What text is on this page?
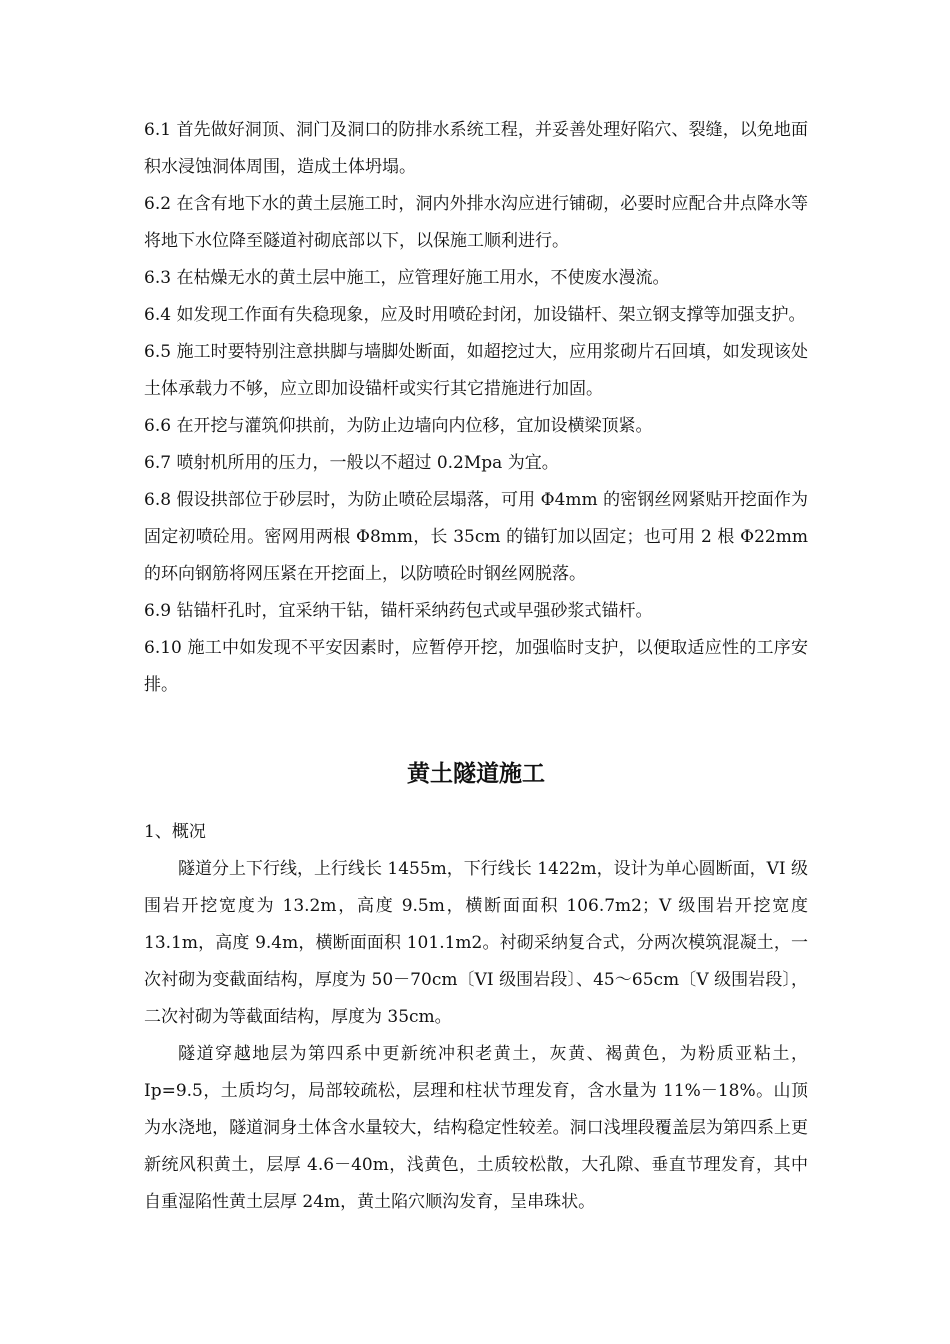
6.1 首先做好洞顶、洞门及洞口的防排水系统工程，并妥善处理好陷穴、裂缝，以免地面积水浸蚀洞体周围，造成土体坍塌。

6.2 在含有地下水的黄土层施工时，洞内外排水沟应进行铺砌，必要时应配合井点降水等将地下水位降至隧道衬砌底部以下，以保施工顺利进行。

6.3 在枯燥无水的黄土层中施工，应管理好施工用水，不使废水漫流。

6.4 如发现工作面有失稳现象，应及时用喷砼封闭，加设锚杆、架立钢支撑等加强支护。

6.5 施工时要特别注意拱脚与墙脚处断面，如超挖过大，应用浆砌片石回填，如发现该处土体承载力不够，应立即加设锚杆或实行其它措施进行加固。

6.6 在开挖与灌筑仰拱前，为防止边墙向内位移，宜加设横梁顶紧。

6.7 喷射机所用的压力，一般以不超过 0.2Mpa 为宜。

6.8 假设拱部位于砂层时，为防止喷砼层塌落，可用 Φ4mm 的密钢丝网紧贴开挖面作为固定初喷砼用。密网用两根 Φ8mm，长 35cm 的锚钉加以固定；也可用 2 根 Φ22mm 的环向钢筋将网压紧在开挖面上，以防喷砼时钢丝网脱落。

6.9 钻锚杆孔时，宜采纳干钻，锚杆采纳药包式或早强砂浆式锚杆。

6.10 施工中如发现不平安因素时，应暂停开挖，加强临时支护，以便取适应性的工序安排。

黄土隧道施工

1、概况

隧道分上下行线，上行线长 1455m，下行线长 1422m，设计为单心圆断面，VI 级围岩开挖宽度为 13.2m，高度 9.5m，横断面面积 106.7m2；V 级围岩开挖宽度 13.1m，高度 9.4m，横断面面积 101.1m2。衬砌采纳复合式，分两次模筑混凝土，一次衬砌为变截面结构，厚度为 50－70cm〔VI 级围岩段〕、45～65cm〔V 级围岩段〕，二次衬砌为等截面结构，厚度为 35cm。

隧道穿越地层为第四系中更新统冲积老黄土，灰黄、褐黄色，为粉质亚粘土，Ip=9.5，土质均匀，局部较疏松，层理和柱状节理发育，含水量为 11%－18%。山顶为水浇地，隧道洞身土体含水量较大，结构稳定性较差。洞口浅埋段覆盖层为第四系上更新统风积黄土，层厚 4.6－40m，浅黄色，土质较松散，大孔隙、垂直节理发育，其中自重湿陷性黄土层厚 24m，黄土陷穴顺沟发育，呈串珠状。
